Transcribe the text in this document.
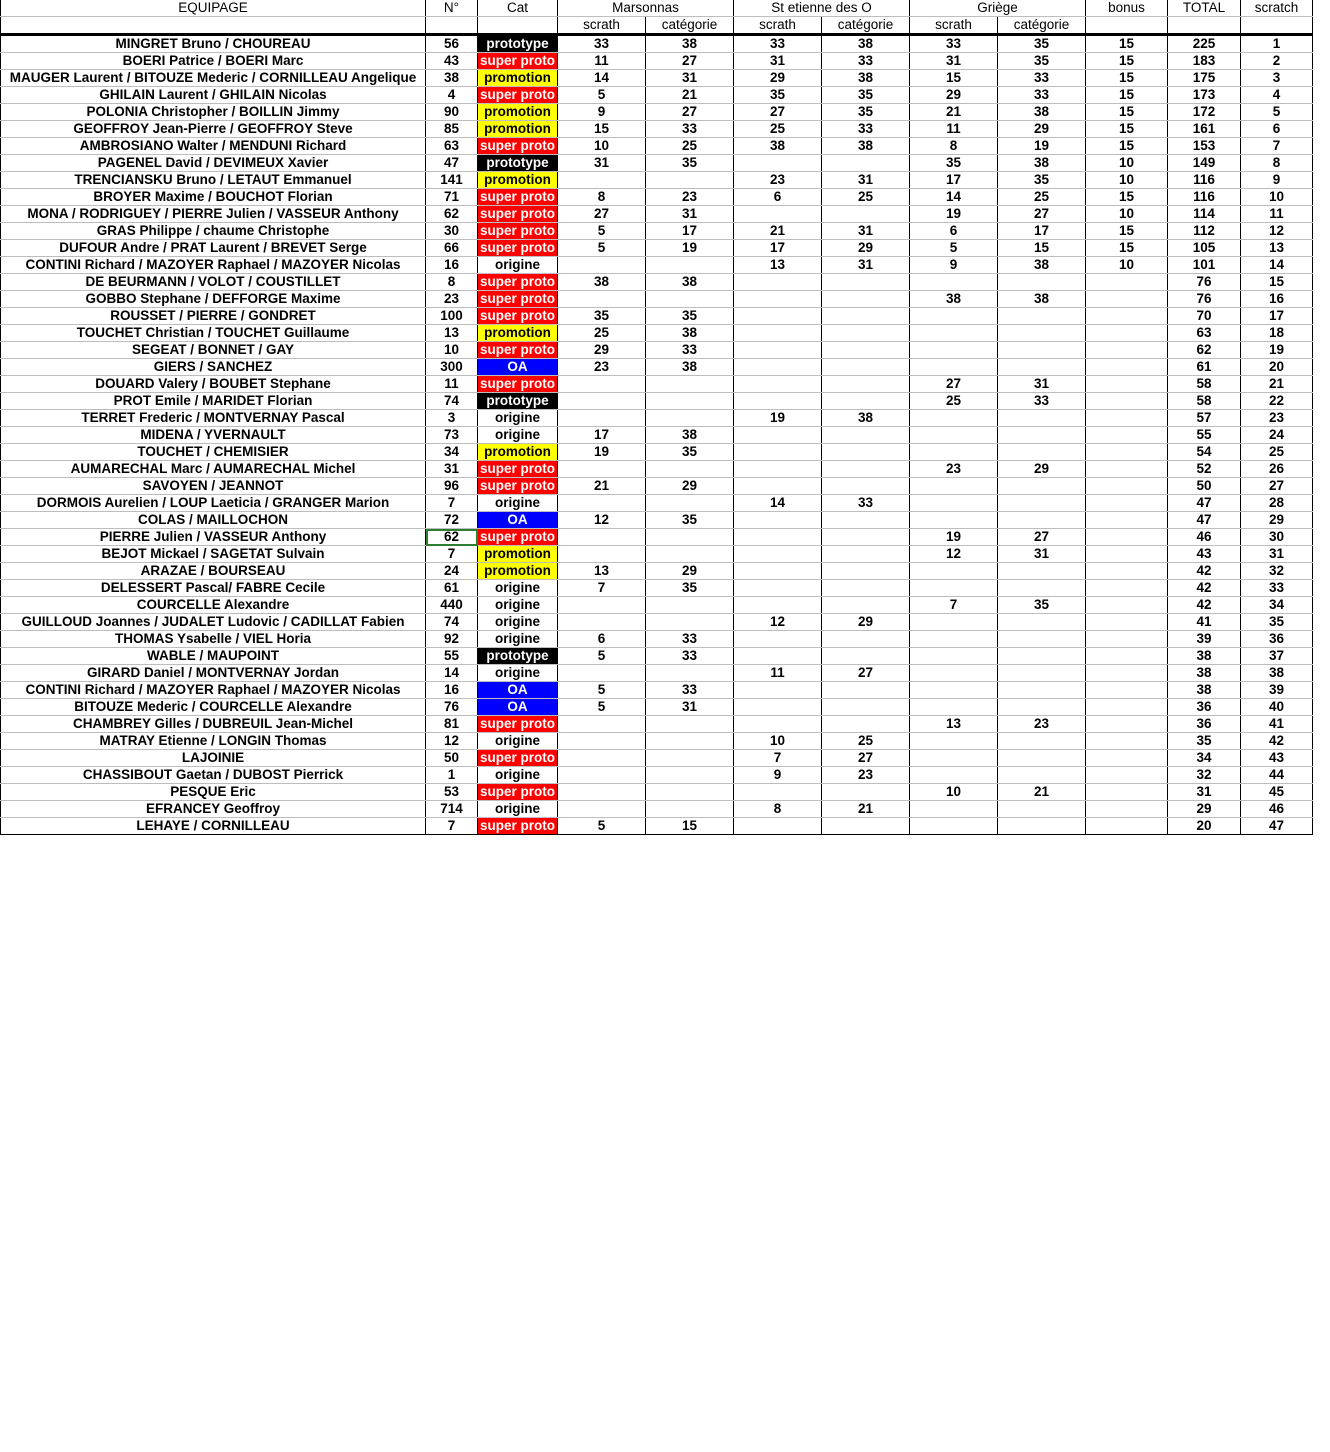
EQUIPAGE	N°	Cat	Marsonnas		St etienne des O		Griège		bonus	TOTAL	scratch
			scrath	catégorie	scrath	catégorie	scrath	catégorie			
MINGRET Bruno / CHOUREAU	56	prototype	33	38	33	38	33	35	15	225	1
BOERI Patrice / BOERI Marc	43	super proto	11	27	31	33	31	35	15	183	2
MAUGER Laurent / BITOUZE Mederic / CORNILLEAU Angelique	38	promotion	14	31	29	38	15	33	15	175	3
GHILAIN Laurent / GHILAIN Nicolas	4	super proto	5	21	35	35	29	33	15	173	4
POLONIA Christopher / BOILLIN Jimmy	90	promotion	9	27	27	35	21	38	15	172	5
GEOFFROY Jean-Pierre / GEOFFROY Steve	85	promotion	15	33	25	33	11	29	15	161	6
AMBROSIANO Walter / MENDUNI Richard	63	super proto	10	25	38	38	8	19	15	153	7
PAGENEL David / DEVIMEUX Xavier	47	prototype	31	35			35	38	10	149	8
TRENCIANSKU Bruno / LETAUT Emmanuel	141	promotion			23	31	17	35	10	116	9
BROYER Maxime / BOUCHOT Florian	71	super proto	8	23	6	25	14	25	15	116	10
MONA / RODRIGUEY / PIERRE Julien / VASSEUR Anthony	62	super proto	27	31			19	27	10	114	11
GRAS Philippe / chaume Christophe	30	super proto	5	17	21	31	6	17	15	112	12
DUFOUR Andre / PRAT Laurent / BREVET Serge	66	super proto	5	19	17	29	5	15	15	105	13
CONTINI Richard / MAZOYER Raphael / MAZOYER Nicolas	16	origine			13	31	9	38	10	101	14
DE BEURMANN / VOLOT / COUSTILLET	8	super proto	38	38						76	15
GOBBO Stephane / DEFFORGE Maxime	23	super proto					38	38		76	16
ROUSSET / PIERRE / GONDRET	100	super proto	35	35						70	17
TOUCHET Christian / TOUCHET Guillaume	13	promotion	25	38						63	18
SEGEAT / BONNET / GAY	10	super proto	29	33						62	19
GIERS / SANCHEZ	300	OA	23	38						61	20
DOUARD Valery / BOUBET Stephane	11	super proto					27	31		58	21
PROT Emile / MARIDET Florian	74	prototype					25	33		58	22
TERRET Frederic / MONTVERNAY Pascal	3	origine			19	38				57	23
MIDENA / YVERNAULT	73	origine	17	38						55	24
TOUCHET / CHEMISIER	34	promotion	19	35						54	25
AUMARECHAL Marc / AUMARECHAL Michel	31	super proto					23	29		52	26
SAVOYEN / JEANNOT	96	super proto	21	29						50	27
DORMOIS Aurelien / LOUP Laeticia / GRANGER Marion	7	origine			14	33				47	28
COLAS / MAILLOCHON	72	OA	12	35						47	29
PIERRE Julien / VASSEUR Anthony	62	super proto					19	27		46	30
BEJOT Mickael / SAGETAT Sulvain	7	promotion					12	31		43	31
ARAZAE / BOURSEAU	24	promotion	13	29						42	32
DELESSERT Pascal/ FABRE Cecile	61	origine	7	35						42	33
COURCELLE Alexandre	440	origine					7	35		42	34
GUILLOUD Joannes / JUDALET Ludovic / CADILLAT Fabien	74	origine			12	29				41	35
THOMAS Ysabelle / VIEL Horia	92	origine	6	33						39	36
WABLE / MAUPOINT	55	prototype	5	33						38	37
GIRARD Daniel / MONTVERNAY Jordan	14	origine			11	27				38	38
CONTINI Richard / MAZOYER Raphael / MAZOYER Nicolas	16	OA	5	33						38	39
BITOUZE Mederic / COURCELLE Alexandre	76	OA	5	31						36	40
CHAMBREY Gilles / DUBREUIL Jean-Michel	81	super proto					13	23		36	41
MATRAY Etienne / LONGIN Thomas	12	origine			10	25				35	42
LAJOINIE	50	super proto			7	27				34	43
CHASSIBOUT Gaetan / DUBOST Pierrick	1	origine			9	23				32	44
PESQUE Eric	53	super proto					10	21		31	45
EFRANCEY Geoffroy	714	origine			8	21				29	46
LEHAYE / CORNILLEAU	7	super proto	5	15						20	47
